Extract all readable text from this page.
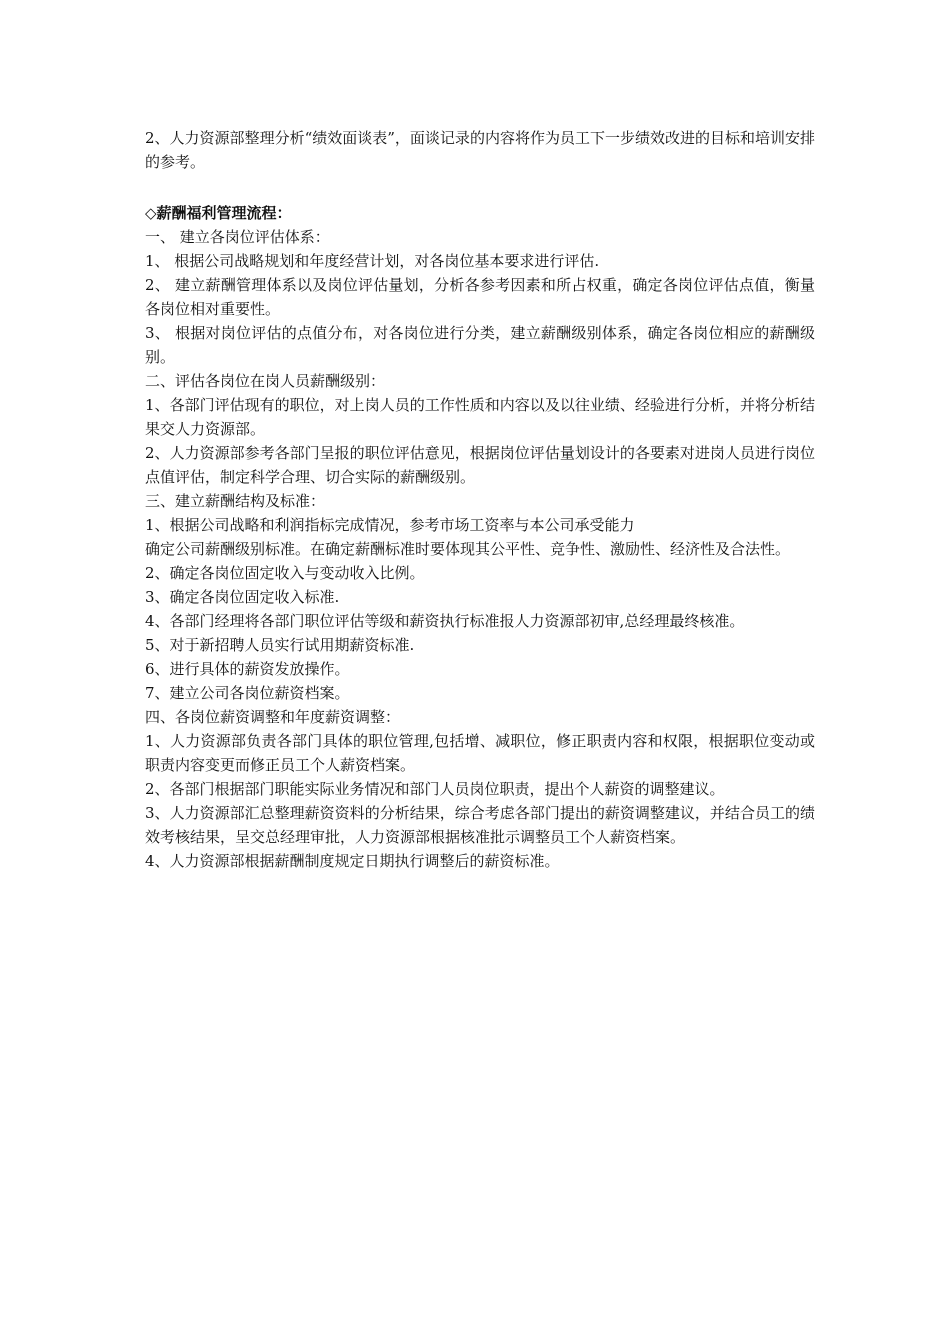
2、人力资源部整理分析“绩效面谈表”，面谈记录的内容将作为员工下一步绩效改进的目标和培训安排的参考。

◇薪酬福利管理流程：

一、 建立各岗位评估体系：

1、 根据公司战略规划和年度经营计划，对各岗位基本要求进行评估.

2、 建立薪酬管理体系以及岗位评估量划，分析各参考因素和所占权重，确定各岗位评估点值，衡量各岗位相对重要性。

3、 根据对岗位评估的点值分布，对各岗位进行分类，建立薪酬级别体系，确定各岗位相应的薪酬级别。

二、评估各岗位在岗人员薪酬级别：

1、各部门评估现有的职位，对上岗人员的工作性质和内容以及以往业绩、经验进行分析，并将分析结果交人力资源部。

2、人力资源部参考各部门呈报的职位评估意见，根据岗位评估量划设计的各要素对进岗人员进行岗位点值评估，制定科学合理、切合实际的薪酬级别。

三、建立薪酬结构及标准：

1、根据公司战略和利润指标完成情况，参考市场工资率与本公司承受能力

确定公司薪酬级别标准。在确定薪酬标准时要体现其公平性、竞争性、激励性、经济性及合法性。

2、确定各岗位固定收入与变动收入比例。

3、确定各岗位固定收入标准.

4、各部门经理将各部门职位评估等级和薪资执行标准报人力资源部初审,总经理最终核准。

5、对于新招聘人员实行试用期薪资标准.

6、进行具体的薪资发放操作。

7、建立公司各岗位薪资档案。

四、各岗位薪资调整和年度薪资调整：

1、人力资源部负责各部门具体的职位管理,包括增、减职位，修正职责内容和权限，根据职位变动或职责内容变更而修正员工个人薪资档案。

2、各部门根据部门职能实际业务情况和部门人员岗位职责，提出个人薪资的调整建议。

3、人力资源部汇总整理薪资资料的分析结果，综合考虑各部门提出的薪资调整建议，并结合员工的绩效考核结果，呈交总经理审批，人力资源部根据核准批示调整员工个人薪资档案。

4、人力资源部根据薪酬制度规定日期执行调整后的薪资标准。
